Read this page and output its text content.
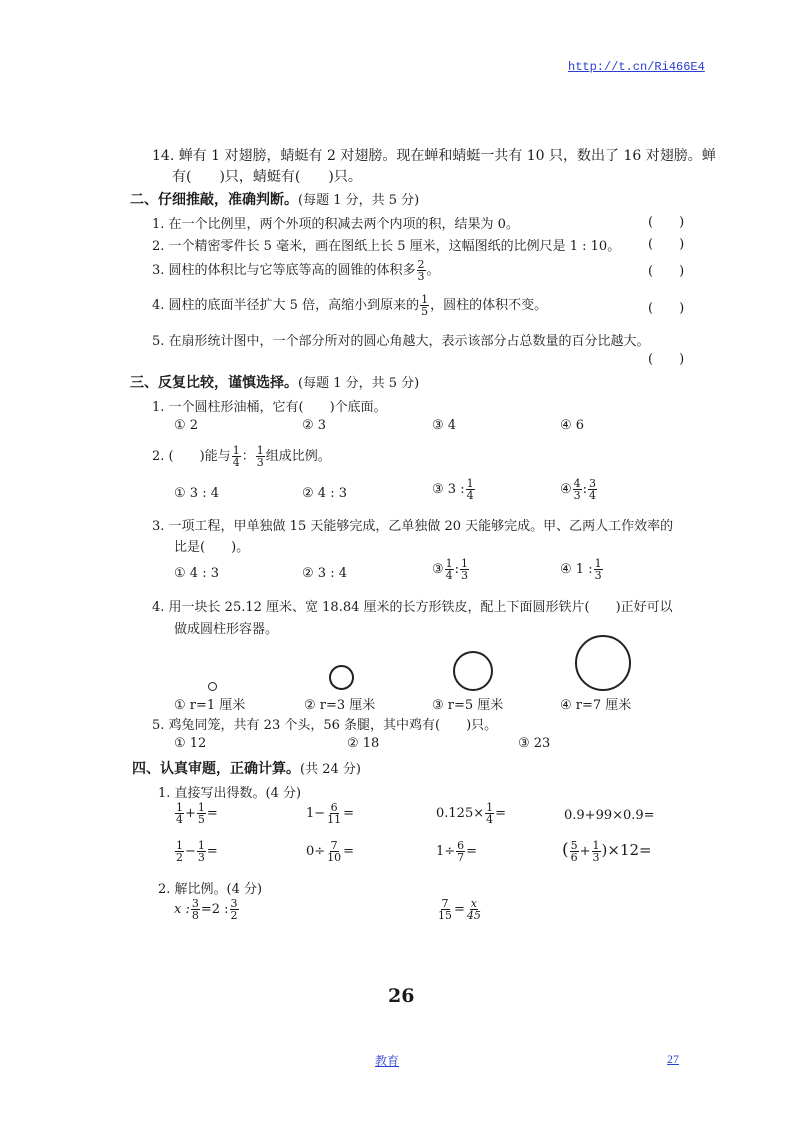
http://t.cn/Ri466E4
14. 蝉有 1 对翅膀，蜻蜓有 2 对翅膀。现在蝉和蜻蜓一共有 10 只，数出了 16 对翅膀。蝉
有(　　)只，蜻蜓有(　　)只。
二、仔细推敲，准确判断。(每题 1 分，共 5 分)
1. 在一个比例里，两个外项的积减去两个内项的积，结果为 0。	(　　)
2. 一个精密零件长 5 毫米，画在图纸上长 5 厘米，这幅图纸的比例尺是 1 : 10。 (　　)
3. 圆柱的体积比与它等底等高的圆锥的体积多 $\frac{2}{3}$ 。	(　　)
4. 圆柱的底面半径扩大 5 倍，高缩小到原来的 $\frac{1}{5}$ ，圆柱的体积不变。	(　　)
5. 在扇形统计图中，一个部分所对的圆心角越大，表示该部分占总数量的百分比越大。
(　　)
三、反复比较，谨慎选择。(每题 1 分，共 5 分)
1. 一个圆柱形油桶，它有(　　)个底面。
① 2	② 3	③ 4	④ 6
2. (　　)能与 $\frac{1}{4}$ ： $\frac{1}{3}$ 组成比例。
① 3 : 4	② 4 : 3	③ 3 : $\frac{1}{4}$	④ $\frac{4}{3}$ : $\frac{3}{4}$
3. 一项工程，甲单独做 15 天能够完成，乙单独做 20 天能够完成。甲、乙两人工作效率的
比是(　　)。
① 4 : 3	② 3 : 4	③ $\frac{1}{4}$ : $\frac{1}{3}$	④ 1 : $\frac{1}{3}$
4. 用一块长 25.12 厘米、宽 18.84 厘米的长方形铁皮，配上下面圆形铁片(　　)正好可以
做成圆柱形容器。
① r=1 厘米	② r=3 厘米	③ r=5 厘米	④ r=7 厘米
5. 鸡兔同笼，共有 23 个头，56 条腿，其中鸡有(　　)只。
① 12	② 18	③ 23
四、认真审题，正确计算。(共 24 分)
1. 直接写出得数。(4 分)
$\frac{1}{4} + \frac{1}{5}$ =	$1- \frac{6}{11}$ =	$0.125\times \frac{1}{4}$ =	0.9+99×0.9=
$\frac{1}{2} - \frac{1}{3}$ =	$0\div \frac{7}{10}$ =	$1\div \frac{6}{7}$ =	( $\frac{5}{6} + \frac{1}{3} )\times 12=$
2. 解比例。(4 分)
x : $\frac{3}{8} =2$ : $\frac{3}{2}$	$\frac{7}{15} = \frac{x}{45}$
26
教育	27
